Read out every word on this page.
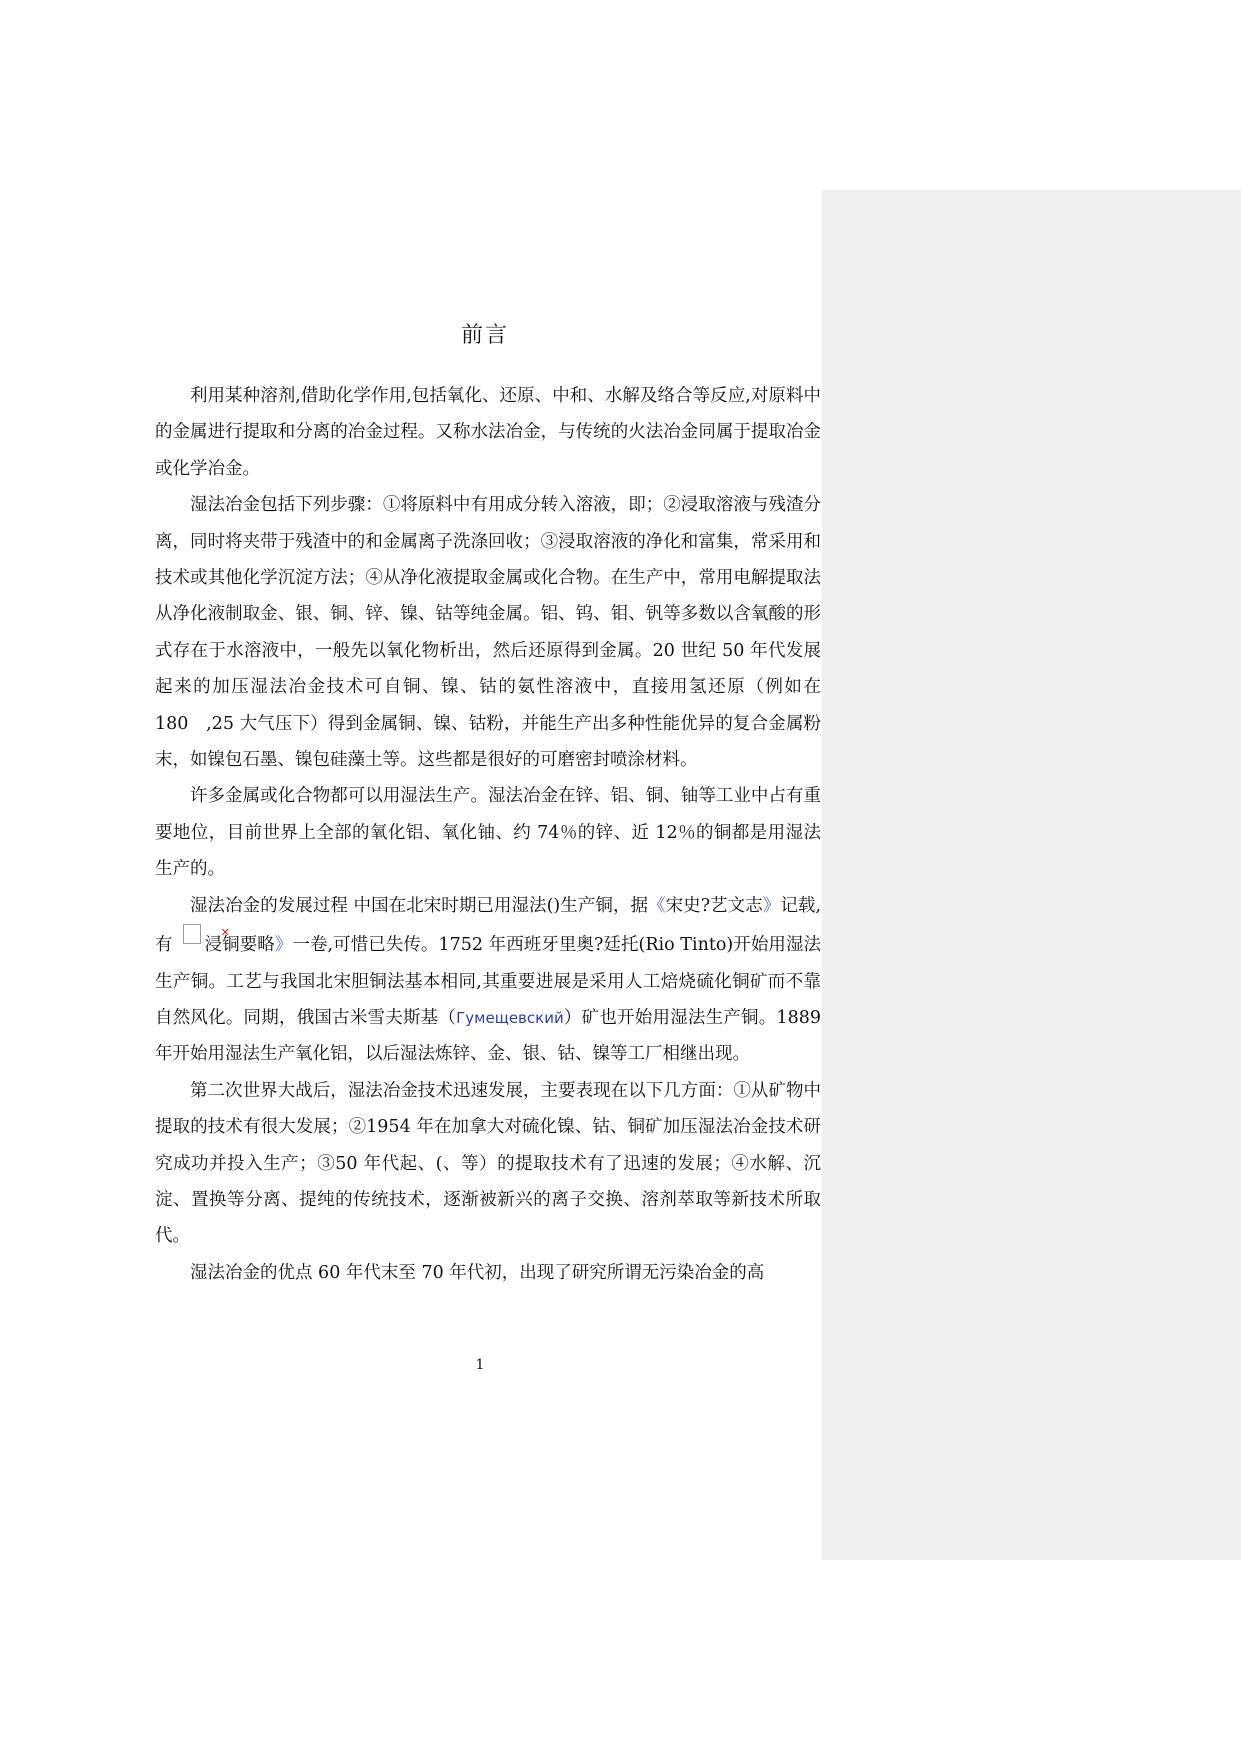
前言

利用某种溶剂,借助化学作用,包括氧化、还原、中和、水解及络合等反应,对原料中的金属进行提取和分离的冶金过程。又称水法冶金，与传统的火法冶金同属于提取冶金或化学冶金。

湿法冶金包括下列步骤：①将原料中有用成分转入溶液，即；②浸取溶液与残渣分离，同时将夹带于残渣中的和金属离子洗涤回收；③浸取溶液的净化和富集，常采用和技术或其他化学沉淀方法；④从净化液提取金属或化合物。在生产中，常用电解提取法从净化液制取金、银、铜、锌、镍、钴等纯金属。铝、钨、钼、钒等多数以含氧酸的形式存在于水溶液中，一般先以氧化物析出，然后还原得到金属。20 世纪 50 年代发展起来的加压湿法冶金技术可自铜、镍、钴的氨性溶液中，直接用氢还原（例如在 180　,25 大气压下）得到金属铜、镍、钴粉，并能生产出多种性能优异的复合金属粉末，如镍包石墨、镍包硅藻土等。这些都是很好的可磨密封喷涂材料。

许多金属或化合物都可以用湿法生产。湿法冶金在锌、铝、铜、铀等工业中占有重要地位，目前世界上全部的氧化铝、氧化铀、约 74％的锌、近 12％的铜都是用湿法生产的。

湿法冶金的发展过程 中国在北宋时期已用湿法()生产铜，据《宋史?艺文志》记载,有✕ 浸铜要略》一卷,可惜已失传。1752 年西班牙里奥?廷托(Rio Tinto)开始用湿法生产铜。工艺与我国北宋胆铜法基本相同,其重要进展是采用人工焙烧硫化铜矿而不靠自然风化。同期，俄国古米雪夫斯基（Гумещевский）矿也开始用湿法生产铜。1889 年开始用湿法生产氧化铝，以后湿法炼锌、金、银、钴、镍等工厂相继出现。

第二次世界大战后，湿法冶金技术迅速发展，主要表现在以下几方面：①从矿物中提取的技术有很大发展；②1954 年在加拿大对硫化镍、钴、铜矿加压湿法冶金技术研究成功并投入生产；③50 年代起、(、等）的提取技术有了迅速的发展；④水解、沉淀、置换等分离、提纯的传统技术，逐渐被新兴的离子交换、溶剂萃取等新技术所取代。

湿法冶金的优点 60 年代末至 70 年代初，出现了研究所谓无污染冶金的高

1
